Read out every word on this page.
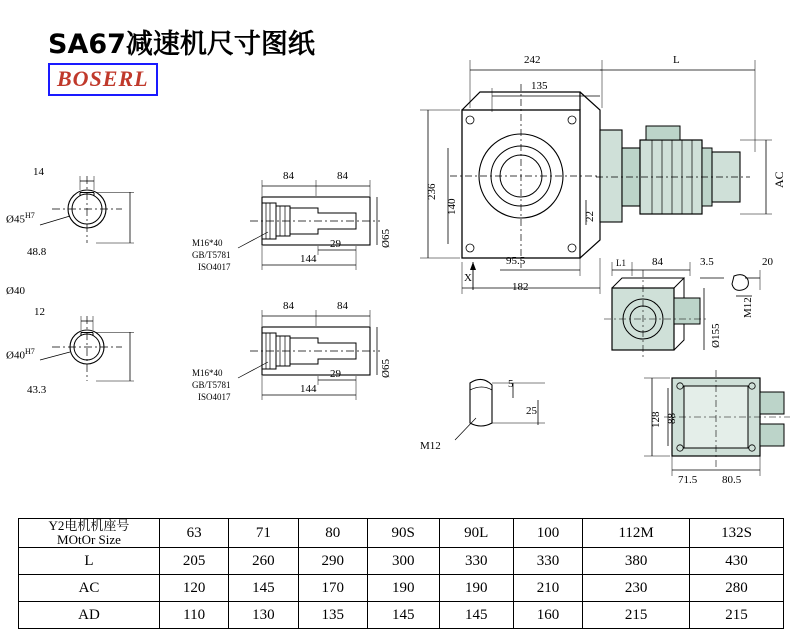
SA67减速机尺寸图纸
BOSERL
14
$Ø45^{H7}$
48.8
Ø40
12
$Ø40^{H7}$
43.3
84	84
29
144
Ø65
M16*40
GB/T5781
ISO4017
84	84
29
144
Ø65
M16*40
GB/T5781
ISO4017
242
135
L
236
140
22
95.5
182
X
AC
L1 84	3.5	20
Ø155
M12
5
25
M12
128 88
71.5 80.5
Y2电机机座号
MOtOr Size	63	71	80	90S	90L	100	112M	132S
L	205	260	290	300	330	330	380	430
AC	120	145	170	190	190	210	230	280
AD	110	130	135	145	145	160	215	215
